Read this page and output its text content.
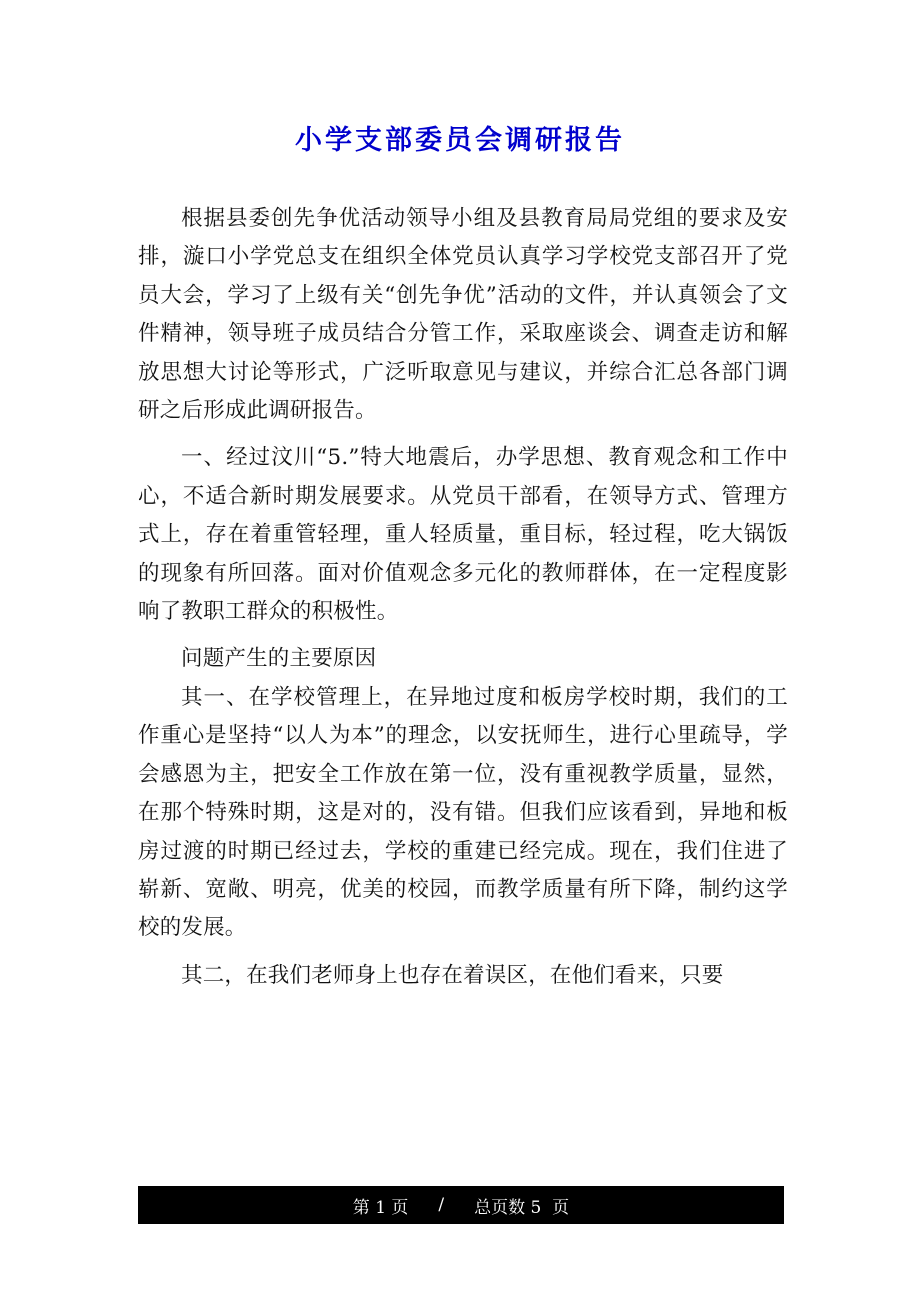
小学支部委员会调研报告

根据县委创先争优活动领导小组及县教育局局党组的要求及安排，漩口小学党总支在组织全体党员认真学习学校党支部召开了党员大会，学习了上级有关“创先争优”活动的文件，并认真领会了文件精神，领导班子成员结合分管工作，采取座谈会、调查走访和解放思想大讨论等形式，广泛听取意见与建议，并综合汇总各部门调研之后形成此调研报告。

一、经过汶川“5.”特大地震后，办学思想、教育观念和工作中心，不适合新时期发展要求。从党员干部看，在领导方式、管理方式上，存在着重管轻理，重人轻质量，重目标，轻过程，吃大锅饭的现象有所回落。面对价值观念多元化的教师群体，在一定程度影响了教职工群众的积极性。

问题产生的主要原因

其一、在学校管理上，在异地过度和板房学校时期，我们的工作重心是坚持“以人为本”的理念，以安抚师生，进行心里疏导，学会感恩为主，把安全工作放在第一位，没有重视教学质量，显然，在那个特殊时期，这是对的，没有错。但我们应该看到，异地和板房过渡的时期已经过去，学校的重建已经完成。现在，我们住进了崭新、宽敞、明亮，优美的校园，而教学质量有所下降，制约这学校的发展。

其二，在我们老师身上也存在着误区，在他们看来，只要

第 1 页 / 总页数 5  页
